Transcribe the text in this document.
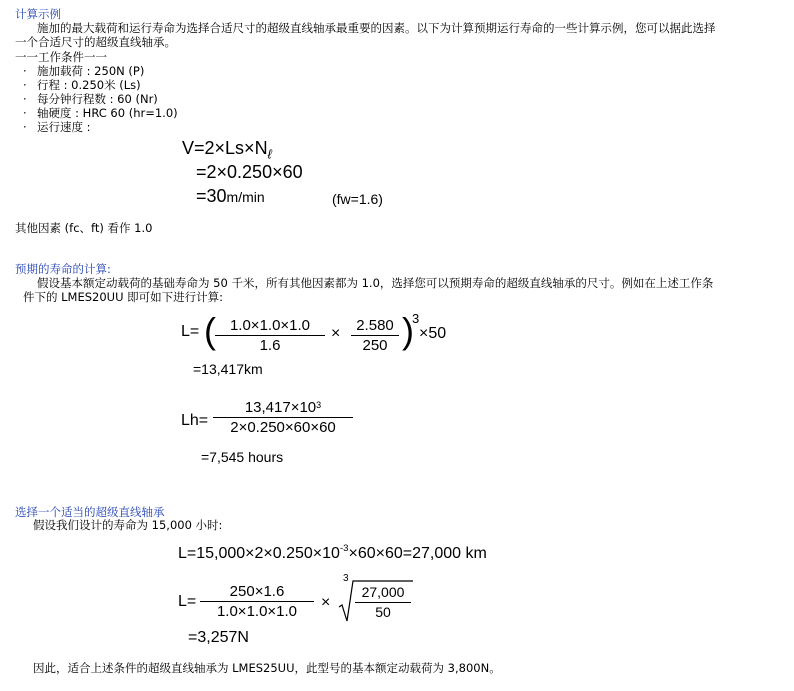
计算示例
施加的最大载荷和运行寿命为选择合适尺寸的超级直线轴承最重要的因素。以下为计算预期运行寿命的一些计算示例，您可以据此选择
一个合适尺寸的超级直线轴承。
一一工作条件一一
· 施加载荷 : 250N (P)
· 行程 : 0.250米 (Ls)
· 每分钟行程数 : 60 (Nr)
· 轴硬度 : HRC 60 (hr=1.0)
· 运行速度 :
$V=2\times Ls\times N_\ell$
=2×0.250×60
=30m/min	(fw=1.6)
其他因素 (fc、ft) 看作 1.0
预期的寿命的计算:
假设基本额定动载荷的基础寿命为 50 千米，所有其他因素都为 1.0，选择您可以预期寿命的超级直线轴承的尺寸。例如在上述工作条
件下的 LMES20UU 即可如下进行计算:
L= ( 1.0×1.0×1.0
1.6
×	2.580
250 )
3
×50
=13,417km
Lh=
$13,417\times 10^3$
2×0.250×60×60
=7,545 hours
选择一个适当的超级直线轴承
假设我们设计的寿命为 15,000 小时:
$L=15,000\times 2\times 0.250\times 10^{-3}\times 60\times 60=27,000$ km
L=
250×1.6
1.0×1.0×1.0
×
3
27,000
50
=3,257N
因此，适合上述条件的超级直线轴承为 LMES25UU，此型号的基本额定动载荷为 3,800N。
